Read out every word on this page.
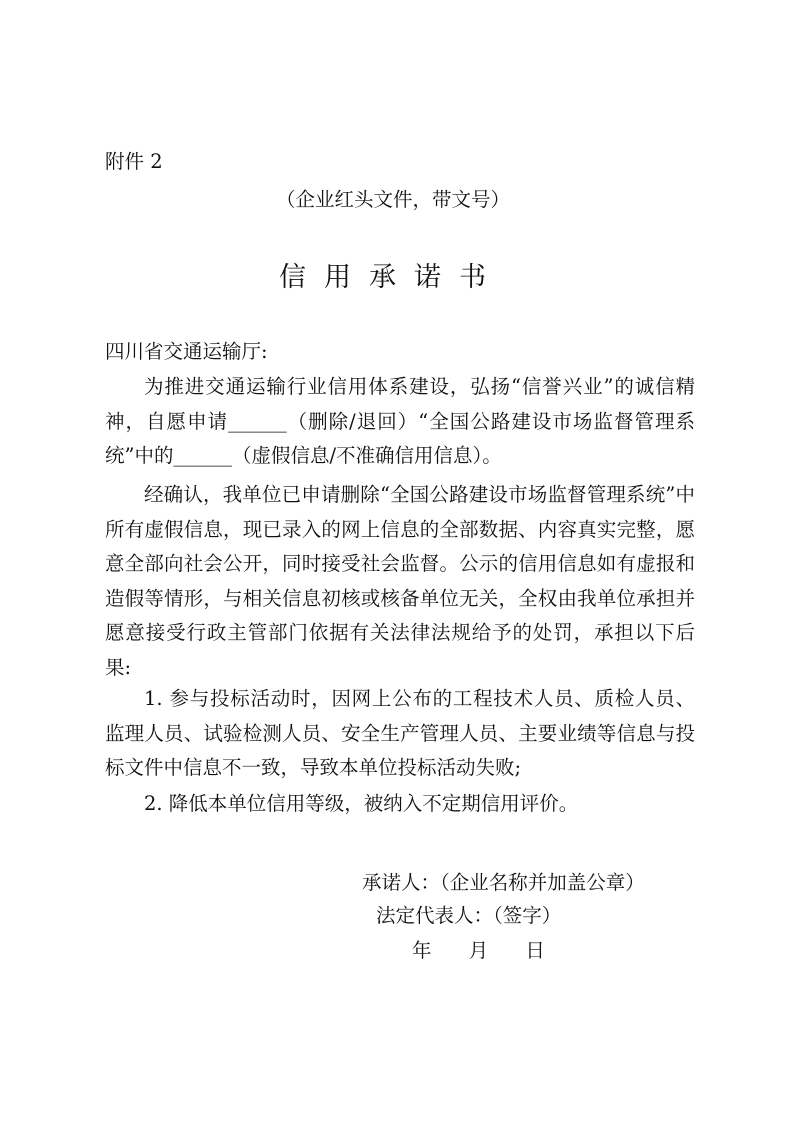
附件 2
（企业红头文件，带文号）
信用承诺书
四川省交通运输厅:
为推进交通运输行业信用体系建设，弘扬“信誉兴业”的诚信精神，自愿申请______（删除/退回）“全国公路建设市场监督管理系统”中的______（虚假信息/不准确信用信息）。
经确认，我单位已申请删除“全国公路建设市场监督管理系统”中所有虚假信息，现已录入的网上信息的全部数据、内容真实完整，愿意全部向社会公开，同时接受社会监督。公示的信用信息如有虚报和造假等情形，与相关信息初核或核备单位无关，全权由我单位承担并愿意接受行政主管部门依据有关法律法规给予的处罚，承担以下后果:
1. 参与投标活动时，因网上公布的工程技术人员、质检人员、监理人员、试验检测人员、安全生产管理人员、主要业绩等信息与投标文件中信息不一致，导致本单位投标活动失败;
2. 降低本单位信用等级，被纳入不定期信用评价。
承诺人：（企业名称并加盖公章）
法定代表人：（签字）
年      月      日
